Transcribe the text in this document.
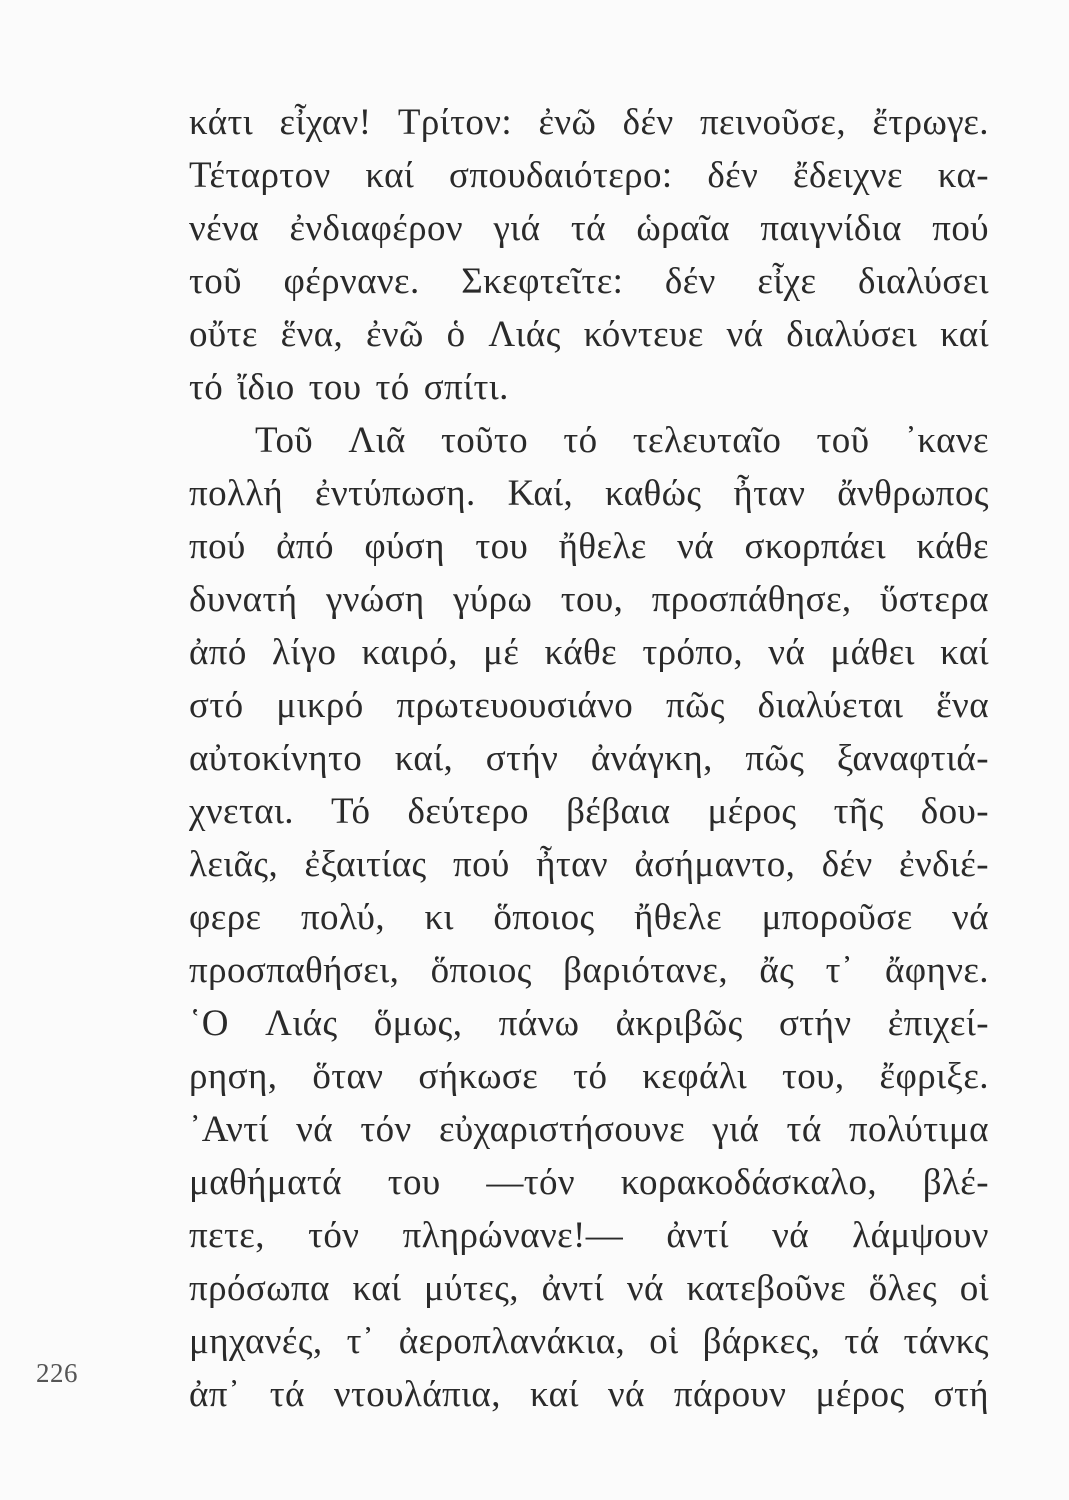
κάτι εἶχαν! Τρίτον: ἐνῶ δέν πεινοῦσε, ἔτρωγε.
Τέταρτον καί σπουδαιότερο: δέν ἔδειχνε κα-
νένα ἐνδιαφέρον γιά τά ὡραῖα παιγνίδια πού
τοῦ φέρνανε. Σκεφτεῖτε: δέν εἶχε διαλύσει
οὔτε ἕνα, ἐνῶ ὁ Λιάς κόντευε νά διαλύσει καί
τό ἴδιο του τό σπίτι.
Τοῦ Λιᾶ τοῦτο τό τελευταῖο τοῦ ᾿κανε
πολλή ἐντύπωση. Καί, καθώς ἦταν ἄνθρωπος
πού ἀπό φύση του ἤθελε νά σκορπάει κάθε
δυνατή γνώση γύρω του, προσπάθησε, ὕστερα
ἀπό λίγο καιρό, μέ κάθε τρόπο, νά μάθει καί
στό μικρό πρωτευουσιάνο πῶς διαλύεται ἕνα
αὐτοκίνητο καί, στήν ἀνάγκη, πῶς ξαναφτιά-
χνεται. Τό δεύτερο βέβαια μέρος τῆς δου-
λειᾶς, ἐξαιτίας πού ἦταν ἀσήμαντο, δέν ἐνδιέ-
φερε πολύ, κι ὅποιος ἤθελε μποροῦσε νά
προσπαθήσει, ὅποιος βαριότανε, ἄς τ᾿ ἄφηνε.
῾Ο Λιάς ὅμως, πάνω ἀκριβῶς στήν ἐπιχεί-
ρηση, ὅταν σήκωσε τό κεφάλι του, ἔφριξε.
᾿Αντί νά τόν εὐχαριστήσουνε γιά τά πολύτιμα
μαθήματά του —τόν κορακοδάσκαλο, βλέ-
πετε, τόν πληρώνανε!— ἀντί νά λάμψουν
πρόσωπα καί μύτες, ἀντί νά κατεβοῦνε ὅλες οἱ
μηχανές, τ᾿ ἀεροπλανάκια, οἱ βάρκες, τά τάνκς
ἀπ᾿ τά ντουλάπια, καί νά πάρουν μέρος στή
226
